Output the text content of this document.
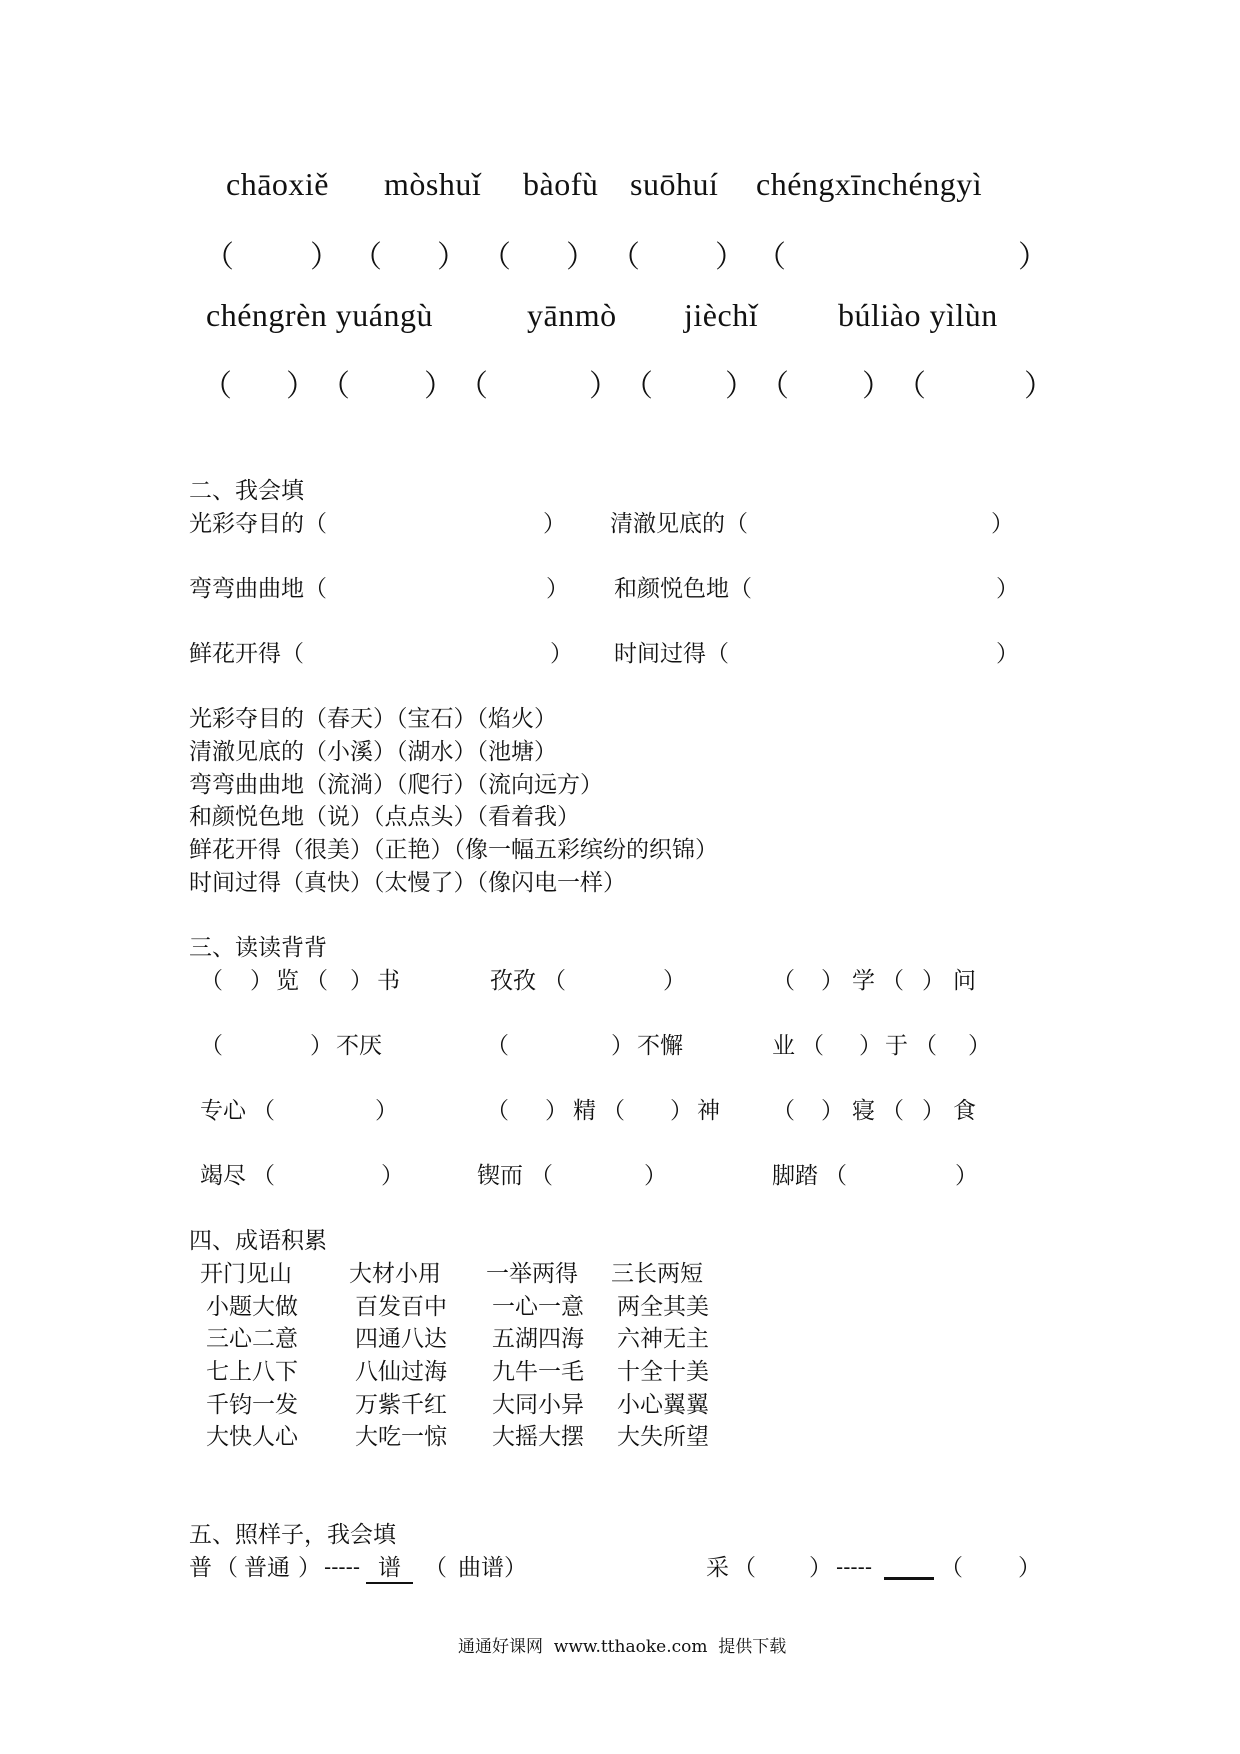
chāoxiě mòshuǐ bàofù suōhuí chéngxīnchéngyì
（	） （ ） （ ） （	） （	）
chéngrèn yuángù	yānmò jièchǐ búliào yìlùn
（ ） （ ） （	） （ ） （ ） （	）
二、我会填
光彩夺目的（	） 清澈见底的（	）
弯弯曲曲地（	） 和颜悦色地（	）
鲜花开得（	） 时间过得（	）
光彩夺目的（春天）（宝石）（焰火）
清澈见底的（小溪）（湖水）（池塘）
弯弯曲曲地（流淌）（爬行）（流向远方）
和颜悦色地（说）（点点头）（看着我）
鲜花开得（很美）（正艳）（像一幅五彩缤纷的织锦）
时间过得（真快）（太慢了）（像闪电一样）
三、读读背背
（ ） 览 （ ） 书	孜孜 （	）	（ ） 学 （ ） 问
（	） 不厌	（	） 不懈	业 （ ） 于 （ ）
专心 （	）	（ ） 精 （ ） 神 （ ） 寝 （ ） 食
竭尽 （	）	锲而 （	）	脚踏 （	）
四、成语积累
开门见山 大材小用 一举两得 三长两短
小题大做 百发百中 一心一意 两全其美
三心二意 四通八达 五湖四海 六神无主
七上八下 八仙过海 九牛一毛 十全十美
千钧一发 万紫千红 大同小异 小心翼翼
大快人心 大吃一惊 大摇大摆 大失所望
五、照样子，我会填
普 （ 普通 ） ----- 谱	（ 曲谱 ）	采 （ ） -----	（ ）
通通好课网  www.tthaoke.com  提供下载
